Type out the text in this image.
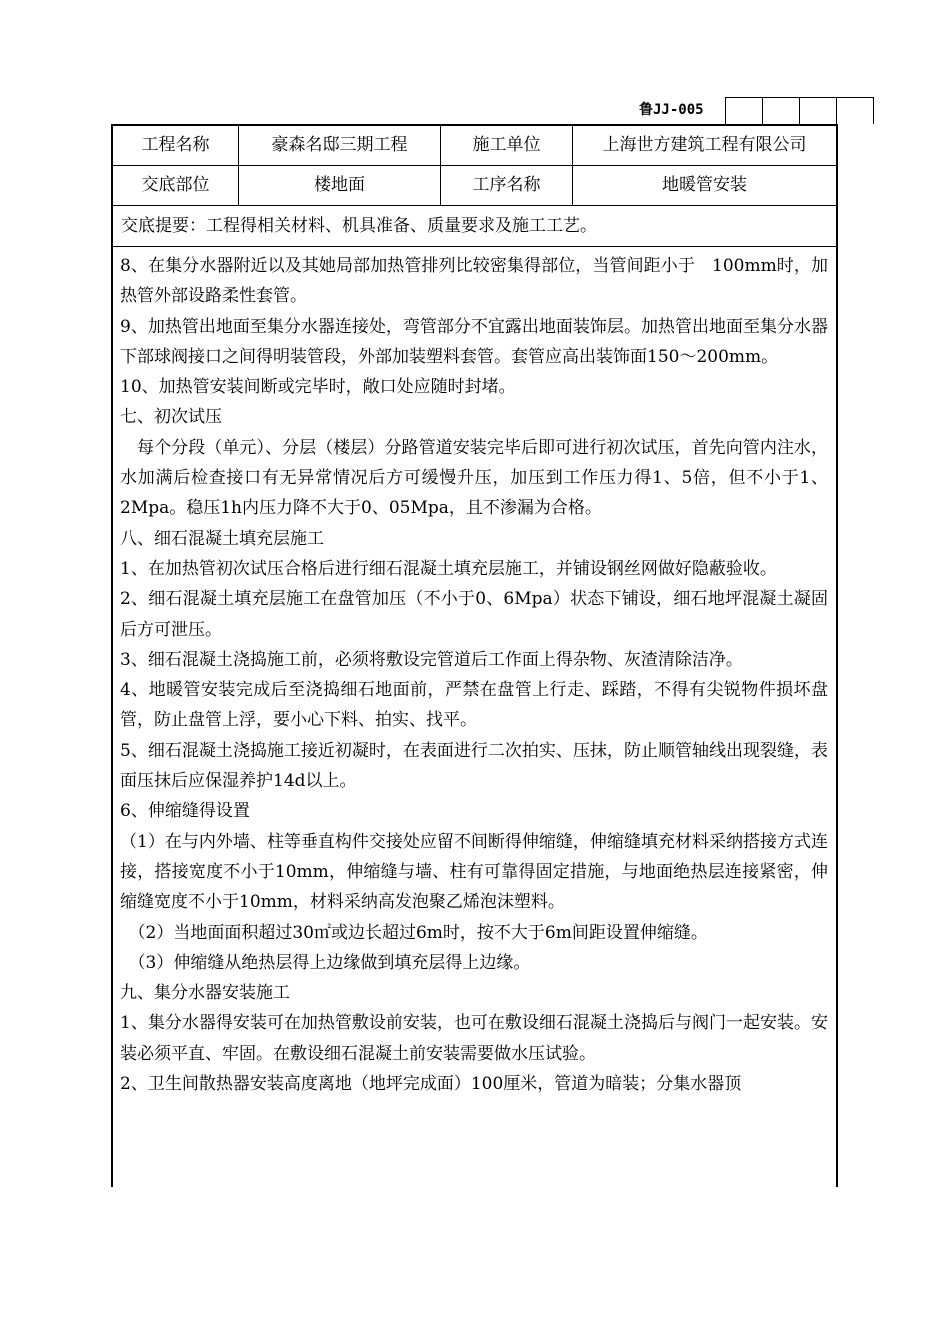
鲁JJ-005
工程名称	豪森名邸三期工程	施工单位	上海世方建筑工程有限公司
交底部位	楼地面	工序名称	地暖管安装
交底提要：工程得相关材料、机具准备、质量要求及施工工艺。

8、在集分水器附近以及其她局部加热管排列比较密集得部位，当管间距小于　100mm时，加热管外部设路柔性套管。

9、加热管出地面至集分水器连接处，弯管部分不宜露出地面装饰层。加热管出地面至集分水器下部球阀接口之间得明装管段，外部加装塑料套管。套管应高出装饰面150～200mm。

10、加热管安装间断或完毕时，敞口处应随时封堵。

七、初次试压

　每个分段（单元）、分层（楼层）分路管道安装完毕后即可进行初次试压，首先向管内注水，水加满后检查接口有无异常情况后方可缓慢升压，加压到工作压力得1、5倍，但不小于1、2Mpa。稳压1h内压力降不大于0、05Mpa，且不渗漏为合格。

八、细石混凝土填充层施工

1、在加热管初次试压合格后进行细石混凝土填充层施工，并铺设钢丝网做好隐蔽验收。

2、细石混凝土填充层施工在盘管加压（不小于0、6Mpa）状态下铺设，细石地坪混凝土凝固后方可泄压。

3、细石混凝土浇捣施工前，必须将敷设完管道后工作面上得杂物、灰渣清除洁净。

4、地暖管安装完成后至浇捣细石地面前，严禁在盘管上行走、踩踏，不得有尖锐物件损坏盘管，防止盘管上浮，要小心下料、拍实、找平。

5、细石混凝土浇捣施工接近初凝时，在表面进行二次拍实、压抹，防止顺管轴线出现裂缝，表面压抹后应保湿养护14d以上。

6、伸缩缝得设置

（1）在与内外墙、柱等垂直构件交接处应留不间断得伸缩缝，伸缩缝填充材料采纳搭接方式连接，搭接宽度不小于10mm，伸缩缝与墙、柱有可靠得固定措施，与地面绝热层连接紧密，伸缩缝宽度不小于10mm，材料采纳高发泡聚乙烯泡沫塑料。

　（2）当地面面积超过30㎡或边长超过6m时，按不大于6m间距设置伸缩缝。

　（3）伸缩缝从绝热层得上边缘做到填充层得上边缘。

九、集分水器安装施工

1、集分水器得安装可在加热管敷设前安装，也可在敷设细石混凝土浇捣后与阀门一起安装。安装必须平直、牢固。在敷设细石混凝土前安装需要做水压试验。

2、卫生间散热器安装高度离地（地坪完成面）100厘米，管道为暗装；分集水器顶
